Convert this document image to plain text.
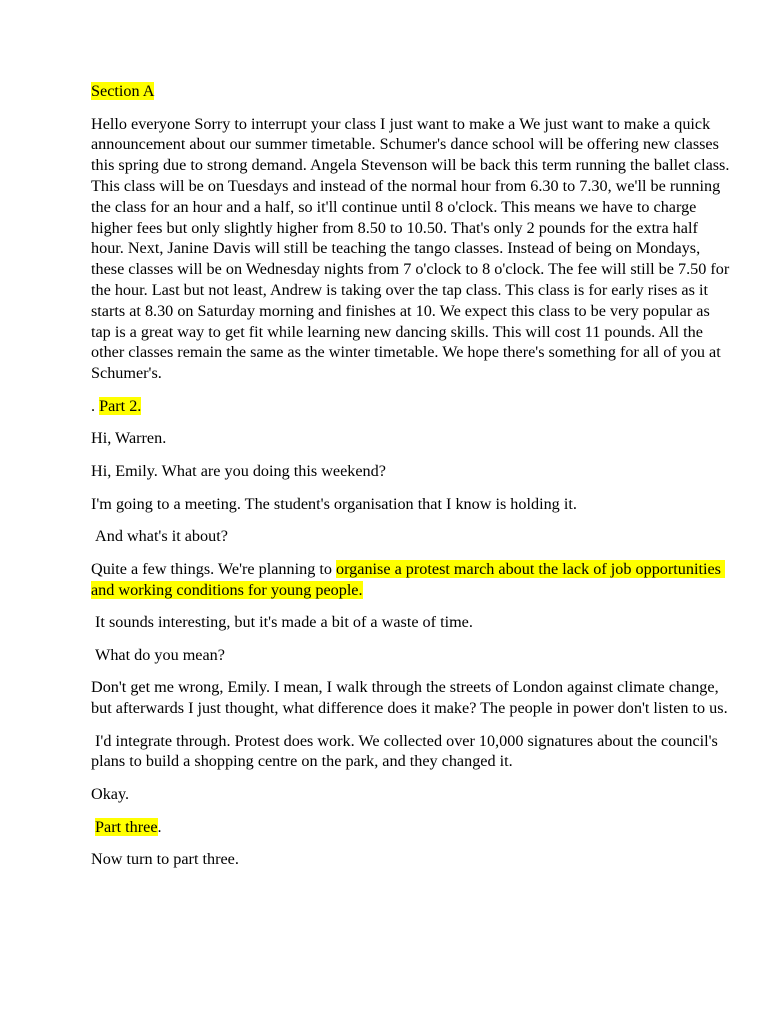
Section A

Hello everyone Sorry to interrupt your class I just want to make a We just want to make a quick announcement about our summer timetable. Schumer's dance school will be offering new classes this spring due to strong demand. Angela Stevenson will be back this term running the ballet class. This class will be on Tuesdays and instead of the normal hour from 6.30 to 7.30, we'll be running the class for an hour and a half, so it'll continue until 8 o'clock. This means we have to charge higher fees but only slightly higher from 8.50 to 10.50. That's only 2 pounds for the extra half hour. Next, Janine Davis will still be teaching the tango classes. Instead of being on Mondays, these classes will be on Wednesday nights from 7 o'clock to 8 o'clock. The fee will still be 7.50 for the hour. Last but not least, Andrew is taking over the tap class. This class is for early rises as it starts at 8.30 on Saturday morning and finishes at 10. We expect this class to be very popular as tap is a great way to get fit while learning new dancing skills. This will cost 11 pounds. All the other classes remain the same as the winter timetable. We hope there's something for all of you at Schumer's.

. Part 2.

Hi, Warren.

Hi, Emily. What are you doing this weekend?

I'm going to a meeting. The student's organisation that I know is holding it.

And what's it about?

Quite a few things. We're planning to organise a protest march about the lack of job opportunities and working conditions for young people.

It sounds interesting, but it's made a bit of a waste of time.

What do you mean?

Don't get me wrong, Emily. I mean, I walk through the streets of London against climate change, but afterwards I just thought, what difference does it make? The people in power don't listen to us.

I'd integrate through. Protest does work. We collected over 10,000 signatures about the council's plans to build a shopping centre on the park, and they changed it.

Okay.

Part three.

Now turn to part three.
